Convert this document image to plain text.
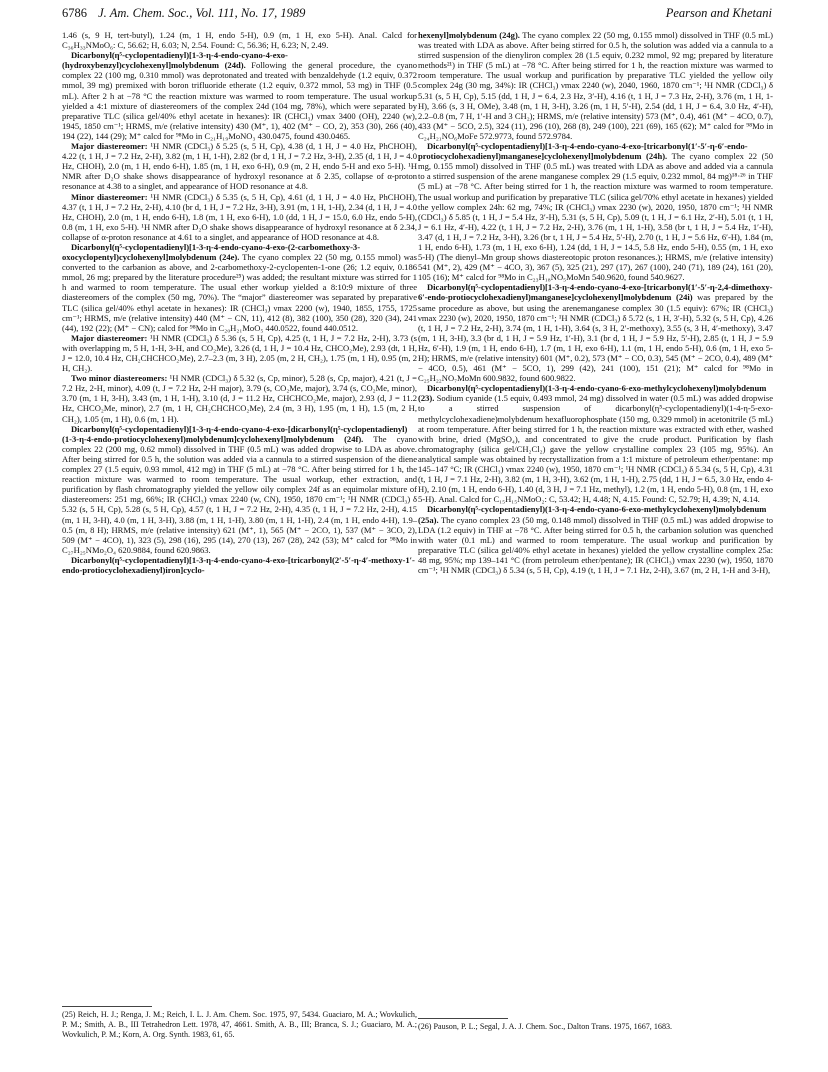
6786 J. Am. Chem. Soc., Vol. 111, No. 17, 1989	Pearson and Khetani

1.46 (s, 9 H, tert-butyl), 1.24 (m, 1 H, endo 5-H), 0.9 (m, 1 H, exo 5-H). Anal. Calcd for C₃₆H₃₃NMoO₆: C, 56.62; H, 6.03; N, 2.54. Found: C, 56.36; H, 6.23; N, 2.49.

Dicarbonyl(η⁵-cyclopentadienyl)[1-3-η-4-endo-cyano-4-exo-(hydroxybenzyl)cyclohexenyl]molybdenum (24d). Following the general procedure, the cyano complex 22 (100 mg, 0.310 mmol) was deprotonated and treated with benzaldehyde (1.2 equiv, 0.372 mmol, 39 mg) premixed with boron trifluoride etherate (1.2 equiv, 0.372 mmol, 53 mg) in THF (0.5 mL). After 2 h at −78 °C the reaction mixture was warmed to room temperature. The usual workup yielded a 4:1 mixture of diastereomers of the complex 24d (104 mg, 78%), which were separated by preparative TLC (silica gel/40% ethyl acetate in hexanes): IR (CHCl₃) νmax 3400 (OH), 2240 (w), 1945, 1850 cm⁻¹; HRMS, m/e (relative intensity) 430 (M⁺, 1), 402 (M⁺ − CO, 2), 353 (30), 266 (40), 194 (22), 144 (29); M⁺ calcd for ⁹⁸Mo in C₂₁H₁₉MoNO₃ 430.0475, found 430.0465.

Major diastereomer: ¹H NMR (CDCl₃) δ 5.25 (s, 5 H, Cp), 4.38 (d, 1 H, J = 4.0 Hz, PhCHOH), 4.22 (t, 1 H, J = 7.2 Hz, 2-H), 3.82 (m, 1 H, 1-H), 2.82 (br d, 1 H, J = 7.2 Hz, 3-H), 2.35 (d, 1 H, J = 4.0 Hz, CHOH), 2.0 (m, 1 H, endo 6-H), 1.85 (m, 1 H, exo 6-H), 0.9 (m, 2 H, endo 5-H and exo 5-H). ¹H NMR after D₂O shake shows disappearance of hydroxyl resonance at δ 2.35, collapse of α-proton resonance at 4.38 to a singlet, and appearance of HOD resonance at 4.8.

Minor diastereomer: ¹H NMR (CDCl₃) δ 5.35 (s, 5 H, Cp), 4.61 (d, 1 H, J = 4.0 Hz, PhCHOH), 4.37 (t, 1 H, J = 7.2 Hz, 2-H), 4.10 (br d, 1 H, J = 7.2 Hz, 3-H), 3.91 (m, 1 H, 1-H), 2.34 (d, 1 H, J = 4.0 Hz, CHOH), 2.0 (m, 1 H, endo 6-H), 1.8 (m, 1 H, exo 6-H), 1.0 (dd, 1 H, J = 15.0, 6.0 Hz, endo 5-H), 0.8 (m, 1 H, exo 5-H). ¹H NMR after D₂O shake shows disappearance of hydroxyl resonance at δ 2.34, collapse of α-proton resonance at 4.61 to a singlet, and appearance of HOD resonance at 4.8.

Dicarbonyl(η⁵-cyclopentadienyl)[1-3-η-4-endo-cyano-4-exo-(2-carbomethoxy-3-oxocyclopentyl)cyclohexenyl]molybdenum (24e). The cyano complex 22 (50 mg, 0.155 mmol) was converted to the carbanion as above, and 2-carbomethoxy-2-cyclopenten-1-one (26; 1.2 equiv, 0.186 mmol, 26 mg; prepared by the literature procedure²⁵) was added; the resultant mixture was stirred for 1 h and warmed to room temperature. The usual ether workup yielded a 8:10:9 mixture of three diastereomers of the complex (50 mg, 70%). The “major” diastereomer was separated by preparative TLC (silica gel/40% ethyl acetate in hexanes): IR (CHCl₃) νmax 2200 (w), 1940, 1855, 1755, 1725 cm⁻¹; HRMS, m/e (relative intensity) 440 (M⁺ − CN, 11), 412 (8), 382 (100), 350 (28), 320 (34), 241 (44), 192 (22); (M⁺ − CN); calcd for ⁹⁸Mo in C₂₀H₂₁MoO₅ 440.0522, found 440.0512.

Major diastereomer: ¹H NMR (CDCl₃) δ 5.36 (s, 5 H, Cp), 4.25 (t, 1 H, J = 7.2 Hz, 2-H), 3.73 (s with overlapping m, 5 H, 1-H, 3-H, and CO₂Me), 3.26 (d, 1 H, J = 10.4 Hz, CHCO₂Me), 2.93 (dt, 1 H, J = 12.0, 10.4 Hz, CH₂CHCHCO₂Me), 2.7–2.3 (m, 3 H), 2.05 (m, 2 H, CH₂), 1.75 (m, 1 H), 0.95 (m, 2 H, CH₂).

Two minor diastereomers: ¹H NMR (CDCl₃) δ 5.32 (s, Cp, minor), 5.28 (s, Cp, major), 4.21 (t, J = 7.2 Hz, 2-H, minor), 4.09 (t, J = 7.2 Hz, 2-H major), 3.79 (s, CO₂Me, major), 3.74 (s, CO₂Me, minor), 3.70 (m, 1 H, 3-H), 3.43 (m, 1 H, 1-H), 3.10 (d, J = 11.2 Hz, CHCHCO₂Me, major), 2.93 (d, J = 11.2 Hz, CHCO₂Me, minor), 2.7 (m, 1 H, CH₂CHCHCO₂Me), 2.4 (m, 3 H), 1.95 (m, 1 H), 1.5 (m, 2 H, CH₂), 1.05 (m, 1 H), 0.6 (m, 1 H).

Dicarbonyl(η⁵-cyclopentadienyl)[1-3-η-4-endo-cyano-4-exo-[dicarbonyl(η⁵-cyclopentadienyl)(1-3-η-4-endo-protiocyclohexenyl)molybdenum]cyclohexenyl]molybdenum (24f). The cyano complex 22 (200 mg, 0.62 mmol) dissolved in THF (0.5 mL) was added dropwise to LDA as above. After being stirred for 0.5 h, the solution was added via a cannula to a stirred suspension of the diene complex 27 (1.5 equiv, 0.93 mmol, 412 mg) in THF (5 mL) at −78 °C. After being stirred for 1 h, the reaction mixture was warmed to room temperature. The usual workup, ether extraction, and purification by flash chromatography yielded the yellow oily complex 24f as an equimolar mixture of diastereomers: 251 mg, 66%; IR (CHCl₃) νmax 2240 (w, CN), 1950, 1870 cm⁻¹; ¹H NMR (CDCl₃) δ 5.32 (s, 5 H, Cp), 5.28 (s, 5 H, Cp), 4.57 (t, 1 H, J = 7.2 Hz, 2-H), 4.35 (t, 1 H, J = 7.2 Hz, 2-H), 4.15 (m, 1 H, 3-H), 4.0 (m, 1 H, 3-H), 3.88 (m, 1 H, 1-H), 3.80 (m, 1 H, 1-H), 2.4 (m, 1 H, endo 4-H), 1.9–0.5 (m, 8 H); HRMS, m/e (relative intensity) 621 (M⁺, 1), 565 (M⁺ − 2CO, 1), 537 (M⁺ − 3CO, 2), 509 (M⁺ − 4CO), 1), 323 (5), 298 (16), 295 (14), 270 (13), 267 (28), 242 (53); M⁺ calcd for ⁹⁸Mo in C₂₇H₂₅NMo₂O₄ 620.9884, found 620.9863.

Dicarbonyl(η⁵-cyclopentadienyl)[1-3-η-4-endo-cyano-4-exo-[tricarbonyl(2′-5′-η-4′-methoxy-1′-endo-protiocyclohexadienyl)iron]cyclo-

(25) Reich, H. J.; Renga, J. M.; Reich, I. L. J. Am. Chem. Soc. 1975, 97, 5434. Guaciaro, M. A.; Wovkulich, P. M.; Smith, A. B., III Tetrahedron Lett. 1978, 47, 4661. Smith, A. B., III; Branca, S. J.; Guaciaro, M. A.; Wovkulich, P. M.; Korn, A. Org. Synth. 1983, 61, 65.

hexenyl]molybdenum (24g). The cyano complex 22 (50 mg, 0.155 mmol) dissolved in THF (0.5 mL) was treated with LDA as above. After being stirred for 0.5 h, the solution was added via a cannula to a stirred suspension of the dienyliron complex 28 (1.5 equiv, 0.232 mmol, 92 mg; prepared by literature methods²¹) in THF (5 mL) at −78 °C. After being stirred for 1 h, the reaction mixture was warmed to room temperature. The usual workup and purification by preparative TLC yielded the yellow oily complex 24g (30 mg, 34%): IR (CHCl₃) νmax 2240 (w), 2040, 1960, 1870 cm⁻¹; ¹H NMR (CDCl₃) δ 5.31 (s, 5 H, Cp), 5.15 (dd, 1 H, J = 6.4, 2.3 Hz, 3′-H), 4.16 (t, 1 H, J = 7.3 Hz, 2-H), 3.76 (m, 1 H, 1-H), 3.66 (s, 3 H, OMe), 3.48 (m, 1 H, 3-H), 3.26 (m, 1 H, 5′-H), 2.54 (dd, 1 H, J = 6.4, 3.0 Hz, 4′-H), 2.2–0.8 (m, 7 H, 1′-H and 3 CH₂); HRMS, m/e (relative intensity) 573 (M⁺, 0.4), 461 (M⁺ − 4CO, 0.7), 433 (M⁺ − 5CO, 2.5), 324 (11), 296 (10), 268 (8), 249 (100), 221 (69), 165 (62); M⁺ calcd for ⁹⁸Mo in C₂₄H₂₁NO₆MoFe 572.9773, found 572.9784.

Dicarbonyl(η⁵-cyclopentadienyl)[1-3-η-4-endo-cyano-4-exo-[tricarbonyl(1′-5′-η-6′-endo-protiocyclohexadienyl)manganese]cyclohexenyl]molybdenum (24h). The cyano complex 22 (50 mg, 0.155 mmol) dissolved in THF (0.5 mL) was treated with LDA as above and added via a cannula to a stirred suspension of the arene manganese complex 29 (1.5 equiv, 0.232 mmol, 84 mg)¹⁸·²⁶ in THF (5 mL) at −78 °C. After being stirred for 1 h, the reaction mixture was warmed to room temperature. The usual workup and purification by preparative TLC (silica gel/70% ethyl acetate in hexanes) yielded the yellow complex 24h: 62 mg, 74%; IR (CHCl₃) νmax 2230 (w), 2020, 1950, 1870 cm⁻¹; ¹H NMR (CDCl₃) δ 5.85 (t, 1 H, J = 5.4 Hz, 3′-H), 5.31 (s, 5 H, Cp), 5.09 (t, 1 H, J = 6.1 Hz, 2′-H), 5.01 (t, 1 H, J = 6.1 Hz, 4′-H), 4.22 (t, 1 H, J = 7.2 Hz, 2-H), 3.76 (m, 1 H, 1-H), 3.58 (br t, 1 H, J = 5.4 Hz, 1′-H), 3.47 (d, 1 H, J = 7.2 Hz, 3-H), 3.26 (br t, 1 H, J = 5.4 Hz, 5′-H), 2.70 (t, 1 H, J = 5.6 Hz, 6′-H), 1.84 (m, 1 H, endo 6-H), 1.73 (m, 1 H, exo 6-H), 1.24 (dd, 1 H, J = 14.5, 5.8 Hz, endo 5-H), 0.55 (m, 1 H, exo 5-H) (The dienyl–Mn group shows diastereotopic proton resonances.); HRMS, m/e (relative intensity) 541 (M⁺, 2), 429 (M⁺ − 4CO, 3), 367 (5), 325 (21), 297 (17), 267 (100), 240 (71), 189 (24), 161 (20), 105 (16); M⁺ calcd for ⁹⁸Mo in C₂₃H₁₈NO₅MoMn 540.9620, found 540.9627.

Dicarbonyl(η⁵-cyclopentadienyl)[1-3-η-4-endo-cyano-4-exo-[tricarbonyl(1′-5′-η-2,4-dimethoxy-6′-endo-protiocyclohexadienyl)manganese]cyclohexenyl]molybdenum (24i) was prepared by the same procedure as above, but using the arenemanganese complex 30 (1.5 equiv): 67%; IR (CHCl₃) νmax 2230 (w), 2020, 1950, 1870 cm⁻¹; ¹H NMR (CDCl₃) δ 5.72 (s, 1 H, 3′-H), 5.32 (s, 5 H, Cp), 4.26 (t, 1 H, J = 7.2 Hz, 2-H), 3.74 (m, 1 H, 1-H), 3.64 (s, 3 H, 2′-methoxy), 3.55 (s, 3 H, 4′-methoxy), 3.47 (m, 1 H, 3-H), 3.3 (br d, 1 H, J = 5.9 Hz, 1′-H), 3.1 (br d, 1 H, J = 5.9 Hz, 5′-H), 2.85 (t, 1 H, J = 5.9 Hz, 6′-H), 1.9 (m, 1 H, endo 6-H), 1.7 (m, 1 H, exo 6-H), 1.1 (m, 1 H, endo 5-H), 0.6 (m, 1 H, exo 5-H); HRMS, m/e (relative intensity) 601 (M⁺, 0.2), 573 (M⁺ − CO, 0.3), 545 (M⁺ − 2CO, 0.4), 489 (M⁺ − 4CO, 0.5), 461 (M⁺ − 5CO, 1), 299 (42), 241 (100), 151 (21); M⁺ calcd for ⁹⁸Mo in C₂₅H₂₂NO₇MoMn 600.9832, found 600.9822.

Dicarbonyl(η⁵-cyclopentadienyl)(1-3-η-4-endo-cyano-6-exo-methylcyclohexenyl)molybdenum (23). Sodium cyanide (1.5 equiv, 0.493 mmol, 24 mg) dissolved in water (0.5 mL) was added dropwise to a stirred suspension of dicarbonyl(η⁵-cyclopentadienyl)(1-4-η-5-exo-methylcyclohexadiene)molybdenum hexafluorophosphate (150 mg, 0.329 mmol) in acetonitrile (5 mL) at room temperature. After being stirred for 1 h, the reaction mixture was extracted with ether, washed with brine, dried (MgSO₄), and concentrated to give the crude product. Purification by flash chromatography (silica gel/CH₂Cl₂) gave the yellow crystalline complex 23 (105 mg, 95%). An analytical sample was obtained by recrystallization from a 1:1 mixture of petroleum ether/pentane: mp 145–147 °C; IR (CHCl₃) νmax 2240 (w), 1950, 1870 cm⁻¹; ¹H NMR (CDCl₃) δ 5.34 (s, 5 H, Cp), 4.31 (t, 1 H, J = 7.1 Hz, 2-H), 3.82 (m, 1 H, 3-H), 3.62 (m, 1 H, 1-H), 2.75 (dd, 1 H, J = 6.5, 3.0 Hz, endo 4-H), 2.10 (m, 1 H, endo 6-H), 1.40 (d, 3 H, J = 7.1 Hz, methyl), 1.2 (m, 1 H, endo 5-H), 0.8 (m, 1 H, exo 5-H). Anal. Calcd for C₁₅H₁₅NMoO₂: C, 53.42; H, 4.48; N, 4.15. Found: C, 52.79; H, 4.39; N, 4.14.

Dicarbonyl(η⁵-cyclopentadienyl)(1-3-η-4-endo-cyano-6-exo-methylcyclohexenyl)molybdenum (25a). The cyano complex 23 (50 mg, 0.148 mmol) dissolved in THF (0.5 mL) was added dropwise to LDA (1.2 equiv) in THF at −78 °C. After being stirred for 0.5 h, the carbanion solution was quenched with water (0.1 mL) and warmed to room temperature. The usual workup and purification by preparative TLC (silica gel/40% ethyl acetate in hexanes) yielded the yellow crystalline complex 25a: 48 mg, 95%; mp 139–141 °C (from petroleum ether/pentane); IR (CHCl₃) νmax 2230 (w), 1950, 1870 cm⁻¹; ¹H NMR (CDCl₃) δ 5.34 (s, 5 H, Cp), 4.19 (t, 1 H, J = 7.1 Hz, 2-H), 3.67 (m, 2 H, 1-H and 3-H),

(26) Pauson, P. L.; Segal, J. A. J. Chem. Soc., Dalton Trans. 1975, 1667, 1683.
